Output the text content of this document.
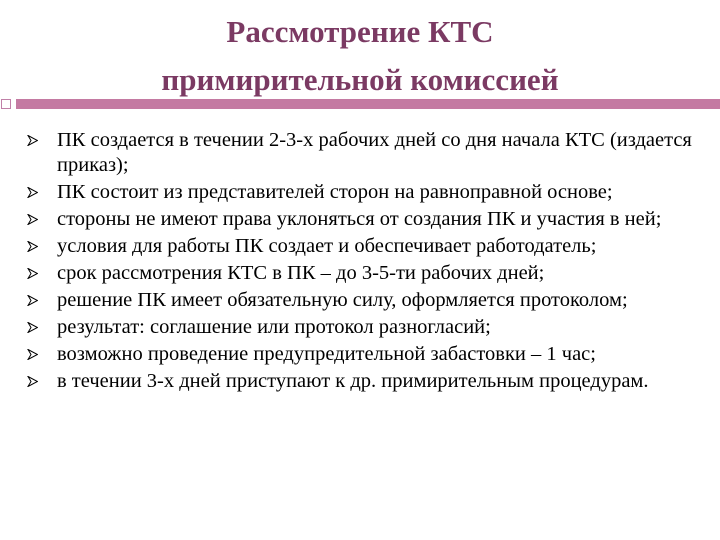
Рассмотрение КТС
примирительной комиссией
ПК создается в течении 2-3-х рабочих дней со дня начала КТС (издается приказ);
ПК состоит из представителей сторон на равноправной основе;
стороны не имеют права уклоняться от создания ПК и участия в ней;
условия для работы ПК создает и обеспечивает работодатель;
срок рассмотрения КТС в ПК – до 3-5-ти рабочих дней;
решение ПК имеет обязательную силу, оформляется протоколом;
результат: соглашение или протокол разногласий;
возможно проведение предупредительной забастовки – 1 час;
в течении 3-х дней приступают к др. примирительным процедурам.
